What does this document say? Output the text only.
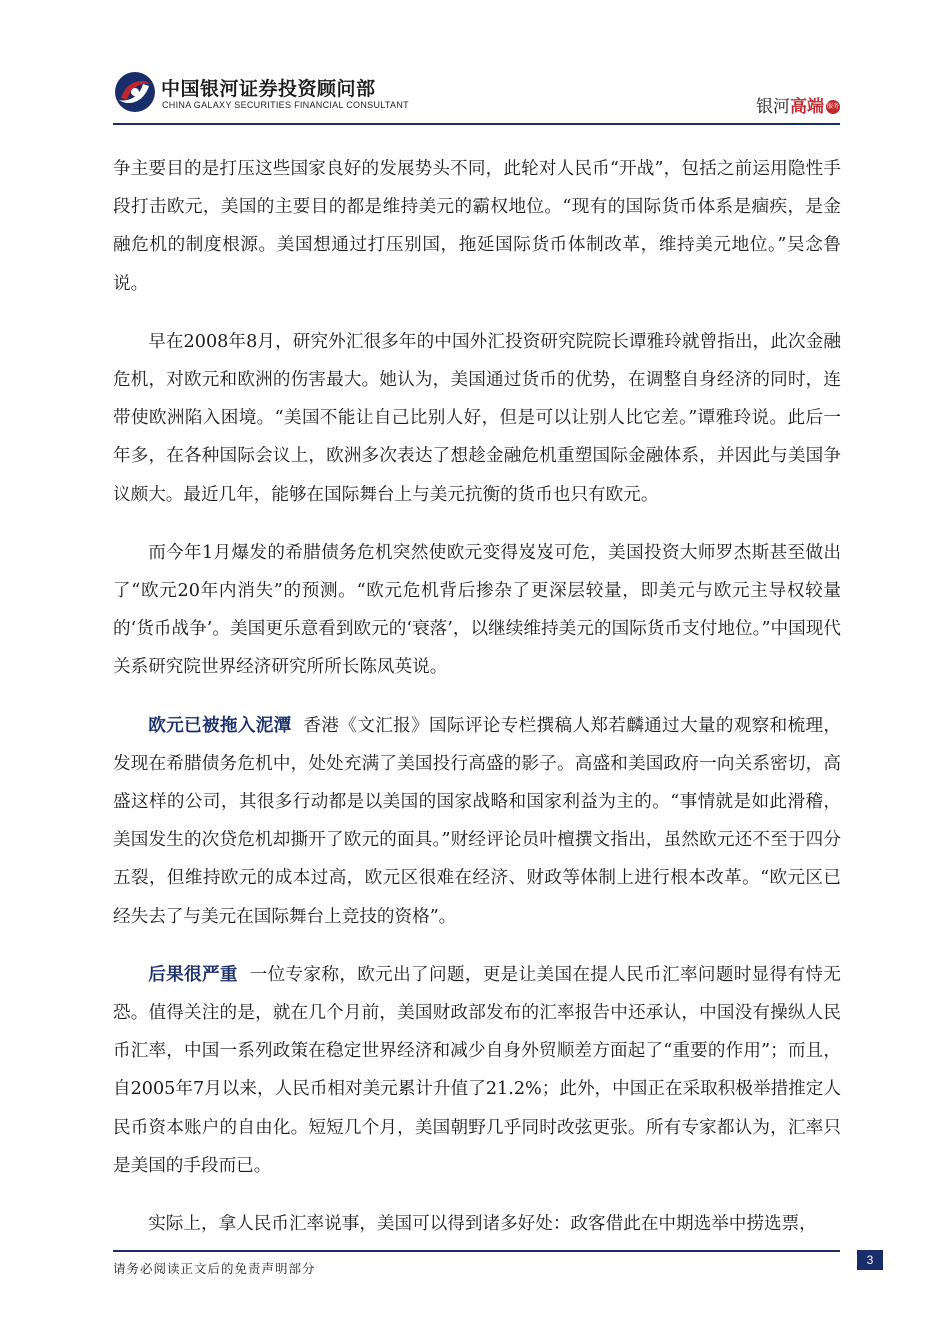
中国银河证券投资顾问部
CHINA GALAXY SECURITIES FINANCIAL CONSULTANT	银河高端 服务

争主要目的是打压这些国家良好的发展势头不同，此轮对人民币“开战”，包括之前运用隐性手段打击欧元，美国的主要目的都是维持美元的霸权地位。“现有的国际货币体系是痼疾，是金融危机的制度根源。美国想通过打压别国，拖延国际货币体制改革，维持美元地位。”吴念鲁说。

早在2008年8月，研究外汇很多年的中国外汇投资研究院院长谭雅玲就曾指出，此次金融危机，对欧元和欧洲的伤害最大。她认为，美国通过货币的优势，在调整自身经济的同时，连带使欧洲陷入困境。“美国不能让自己比别人好，但是可以让别人比它差。”谭雅玲说。此后一年多，在各种国际会议上，欧洲多次表达了想趁金融危机重塑国际金融体系，并因此与美国争议颇大。最近几年，能够在国际舞台上与美元抗衡的货币也只有欧元。

而今年1月爆发的希腊债务危机突然使欧元变得岌岌可危，美国投资大师罗杰斯甚至做出了“欧元20年内消失”的预测。“欧元危机背后掺杂了更深层较量，即美元与欧元主导权较量的‘货币战争’。美国更乐意看到欧元的‘衰落’，以继续维持美元的国际货币支付地位。”中国现代关系研究院世界经济研究所所长陈凤英说。

欧元已被拖入泥潭 香港《文汇报》国际评论专栏撰稿人郑若麟通过大量的观察和梳理，发现在希腊债务危机中，处处充满了美国投行高盛的影子。高盛和美国政府一向关系密切，高盛这样的公司，其很多行动都是以美国的国家战略和国家利益为主的。“事情就是如此滑稽，美国发生的次贷危机却撕开了欧元的面具。”财经评论员叶檀撰文指出，虽然欧元还不至于四分五裂，但维持欧元的成本过高，欧元区很难在经济、财政等体制上进行根本改革。“欧元区已经失去了与美元在国际舞台上竞技的资格”。

后果很严重 一位专家称，欧元出了问题，更是让美国在提人民币汇率问题时显得有恃无恐。值得关注的是，就在几个月前，美国财政部发布的汇率报告中还承认，中国没有操纵人民币汇率，中国一系列政策在稳定世界经济和减少自身外贸顺差方面起了“重要的作用”；而且，自2005年7月以来，人民币相对美元累计升值了21.2%；此外，中国正在采取积极举措推定人民币资本账户的自由化。短短几个月，美国朝野几乎同时改弦更张。所有专家都认为，汇率只是美国的手段而已。

实际上，拿人民币汇率说事，美国可以得到诸多好处：政客借此在中期选举中捞选票，

请务必阅读正文后的免责声明部分
3
